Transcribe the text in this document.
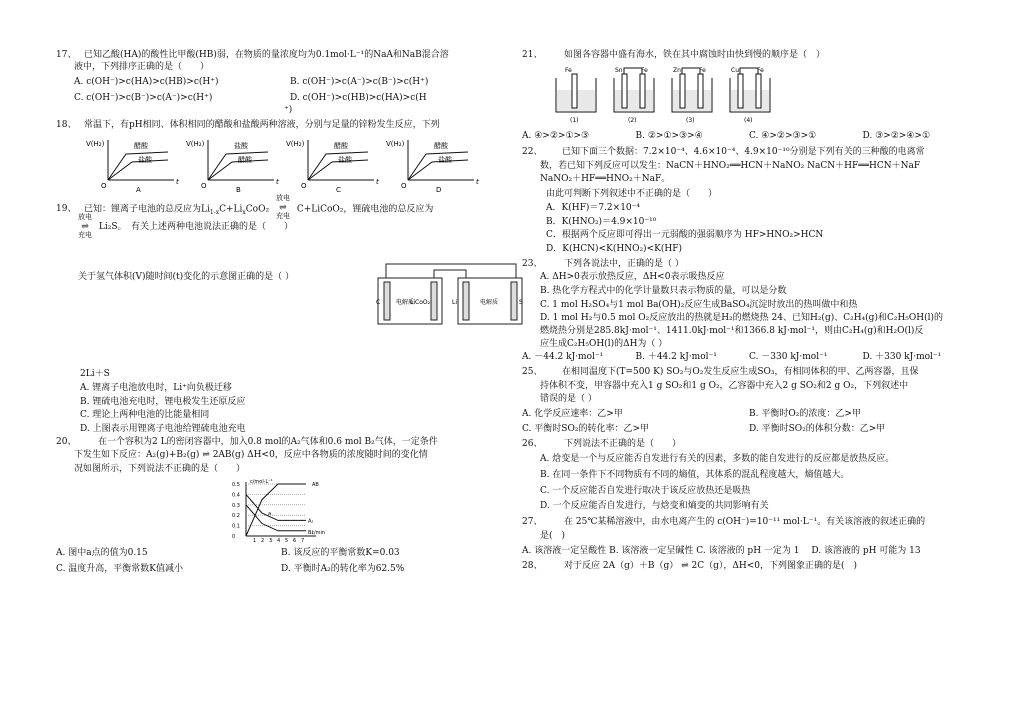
17、 已知乙酸(HA)的酸性比甲酸(HB)弱，在物质的量浓度均为0.1mol·L⁻¹的NaA和NaB混合溶
液中，下列排序正确的是（　　）
A. c(OH⁻)>c(HA)>c(HB)>c(H⁺)	B. c(OH⁻)>c(A⁻)>c(B⁻)>c(H⁺)
C. c(OH⁻)>c(B⁻)>c(A⁻)>c(H⁺)	D. c(OH⁻)>c(HB)>c(HA)>c(H
⁺)
18、 常温下，有pH相同、体积相同的醋酸和盐酸两种溶液，分别与足量的锌粉发生反应，下列
V(H₂)
O	t
醋酸
盐酸
A
V(H₂)
O	t
盐酸
醋酸
B
V(H₂)
O	t
醋酸
盐酸
C
V(H₂)
O	t
醋酸
盐酸
D
19、 已知：锂离子电池的总反应为$Li_{1-x}C+Li_xCoO_2$
放电
⇌
充电
C+LiCoO₂，锂硫电池的总反应为
放电
⇌
充电
Li₂S。　有关上述两种电池说法正确的是（　　）
C	电解质
LiCoO₂	Li	电解质	S
关于氢气体积(V)随时间(t)变化的示意图正确的是（ ）
2Li＋S
A. 锂离子电池放电时，Li⁺向负极迁移
B. 锂硫电池充电时，锂电极发生还原反应
C. 理论上两种电池的比能量相同
D. 上图表示用锂离子电池给锂硫电池充电
20、 在一个容积为2 L的密闭容器中，加入0.8 mol的A₂气体和0.6 mol B₂气体，一定条件
下发生如下反应：A₂(g)+B₂(g) ⇌ 2AB(g) ΔH<0，反应中各物质的浓度随时间的变化情
况如图所示，下列说法不正确的是（　　）
c/mol·L⁻¹
t/min
0.5
0.4
0.3
0.2
0.1
0
1 2 3 4 5 6 7
AB
A₂
B₂
a
A. 图中a点的值为0.15	B. 该反应的平衡常数K=0.03
C. 温度升高，平衡常数K值减小	D. 平衡时A₂的转化率为62.5%
21、 如图各容器中盛有海水，铁在其中腐蚀时由快到慢的顺序是（　）
Fe
(1)
Sn	Fe
(2)
Zn	Fe
(3)
Cu	Fe
(4)
A. ④>②>①>③	B. ②>①>③>④	C. ④>②>③>①	D. ③>②>④>①
22、 已知下面三个数据：7.2×10⁻⁴、4.6×10⁻⁴、4.9×10⁻¹⁰分别是下列有关的三种酸的电离常
数，若已知下列反应可以发生：NaCN＋HNO₂══HCN＋NaNO₂ NaCN＋HF══HCN＋NaF
NaNO₂＋HF══HNO₂＋NaF。
由此可判断下列叙述中不正确的是（　　）
A．K(HF)＝7.2×10⁻⁴
B．K(HNO₂)＝4.9×10⁻¹⁰
C．根据两个反应即可得出一元弱酸的强弱顺序为 HF>HNO₂>HCN
D．K(HCN)<K(HNO₂)<K(HF)
23、 下列各说法中，正确的是（ ）
A. ΔH>0表示放热反应，ΔH<0表示吸热反应
B. 热化学方程式中的化学计量数只表示物质的量，可以是分数
C. 1 mol H₂SO₄与1 mol Ba(OH)₂反应生成BaSO₄沉淀时放出的热叫做中和热
D. 1 mol H₂与0.5 mol O₂反应放出的热就是H₂的燃烧热 24、已知H₂(g)、C₂H₄(g)和C₂H₅OH(l)的
燃烧热分别是285.8kJ·mol⁻¹、1411.0kJ·mol⁻¹和1366.8 kJ·mol⁻¹，则由C₂H₄(g)和H₂O(l)反
应生成C₂H₅OH(l)的ΔH为（ ）
A. －44.2 kJ·mol⁻¹	B. ＋44.2 kJ·mol⁻¹	C. －330 kJ·mol⁻¹	D. ＋330 kJ·mol⁻¹
25、 在相同温度下(T=500 K) SO₂与O₂发生反应生成SO₃，有相同体积的甲、乙两容器，且保
持体积不变，甲容器中充入1 g SO₂和1 g O₂，乙容器中充入2 g SO₂和2 g O₂，下列叙述中
错误的是（ ）
A. 化学反应速率：乙>甲	B. 平衡时O₂的浓度：乙>甲
C. 平衡时SO₂的转化率：乙>甲	D. 平衡时SO₂的体积分数：乙>甲
26、 下列说法不正确的是（　　）
A. 焓变是一个与反应能否自发进行有关的因素，多数的能自发进行的反应都是放热反应。
B. 在同一条件下不同物质有不同的熵值，其体系的混乱程度越大，熵值越大。
C. 一个反应能否自发进行取决于该反应放热还是吸热
D. 一个反应能否自发进行，与焓变和熵变的共同影响有关
27、 在 25℃某稀溶液中，由水电离产生的 c(OH⁻)=10⁻¹¹ mol·L⁻¹。有关该溶液的叙述正确的
是(　)
A. 该溶液一定呈酸性 B. 该溶液一定呈碱性 C. 该溶液的 pH 一定为 1　 D. 该溶液的 pH 可能为 13
28、 对于反应 2A（g）＋B（g） ⇌ 2C（g），ΔH<0，下列图象正确的是(　)
